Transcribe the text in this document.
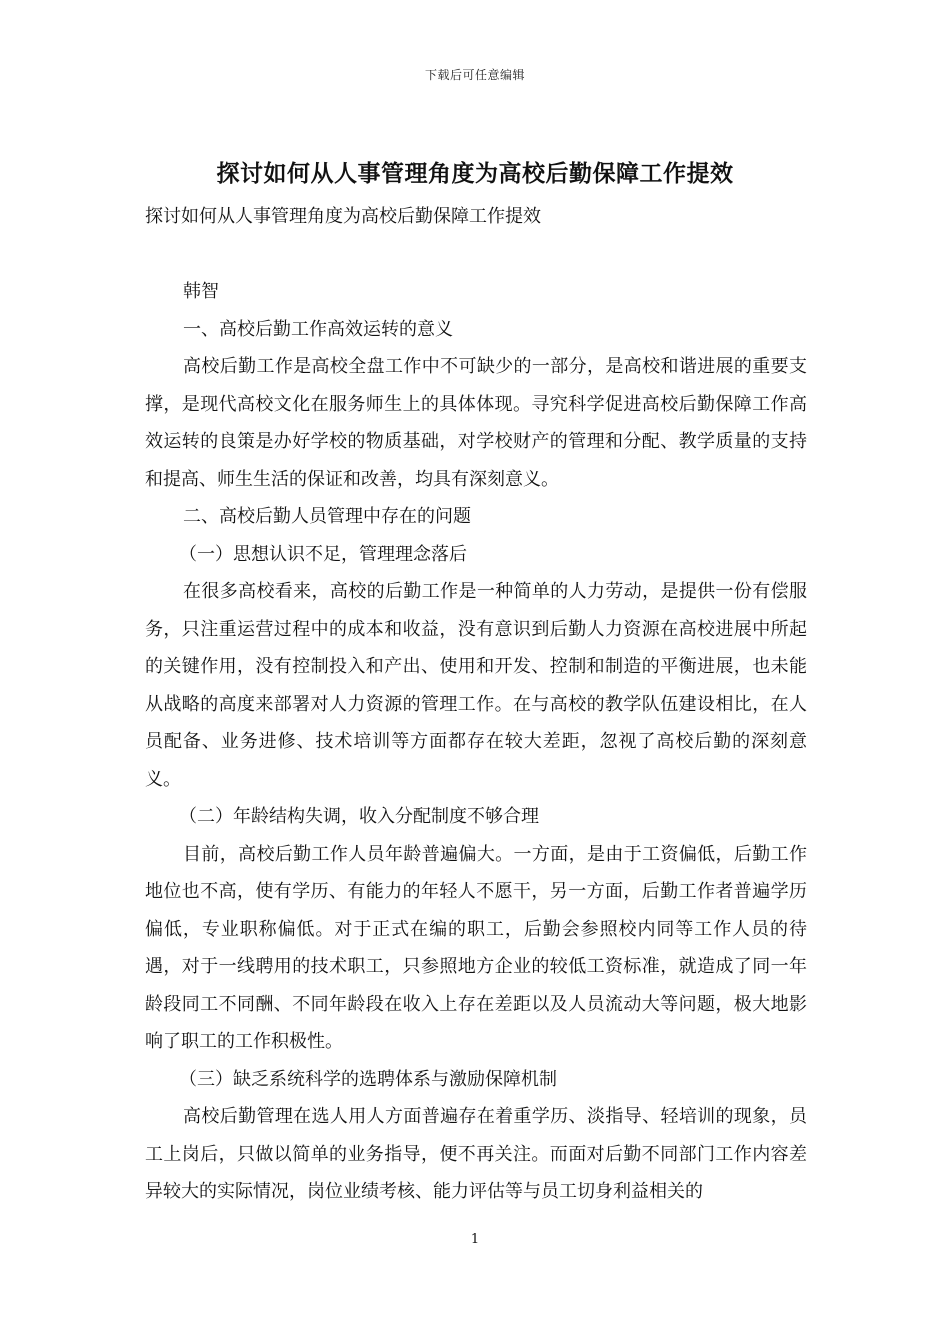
下载后可任意编辑
探讨如何从人事管理角度为高校后勤保障工作提效

探讨如何从人事管理角度为高校后勤保障工作提效

韩智

一、高校后勤工作高效运转的意义

高校后勤工作是高校全盘工作中不可缺少的一部分，是高校和谐进展的重要支撑，是现代高校文化在服务师生上的具体体现。寻究科学促进高校后勤保障工作高效运转的良策是办好学校的物质基础，对学校财产的管理和分配、教学质量的支持和提高、师生生活的保证和改善，均具有深刻意义。

二、高校后勤人员管理中存在的问题

（一）思想认识不足，管理理念落后

在很多高校看来，高校的后勤工作是一种简单的人力劳动，是提供一份有偿服务，只注重运营过程中的成本和收益，没有意识到后勤人力资源在高校进展中所起的关键作用，没有控制投入和产出、使用和开发、控制和制造的平衡进展，也未能从战略的高度来部署对人力资源的管理工作。在与高校的教学队伍建设相比，在人员配备、业务进修、技术培训等方面都存在较大差距，忽视了高校后勤的深刻意义。

（二）年龄结构失调，收入分配制度不够合理

目前，高校后勤工作人员年龄普遍偏大。一方面，是由于工资偏低，后勤工作地位也不高，使有学历、有能力的年轻人不愿干，另一方面，后勤工作者普遍学历偏低，专业职称偏低。对于正式在编的职工，后勤会参照校内同等工作人员的待遇，对于一线聘用的技术职工，只参照地方企业的较低工资标准，就造成了同一年龄段同工不同酬、不同年龄段在收入上存在差距以及人员流动大等问题，极大地影响了职工的工作积极性。

（三）缺乏系统科学的选聘体系与激励保障机制

高校后勤管理在选人用人方面普遍存在着重学历、淡指导、轻培训的现象，员工上岗后，只做以简单的业务指导，便不再关注。而面对后勤不同部门工作内容差异较大的实际情况，岗位业绩考核、能力评估等与员工切身利益相关的

1
